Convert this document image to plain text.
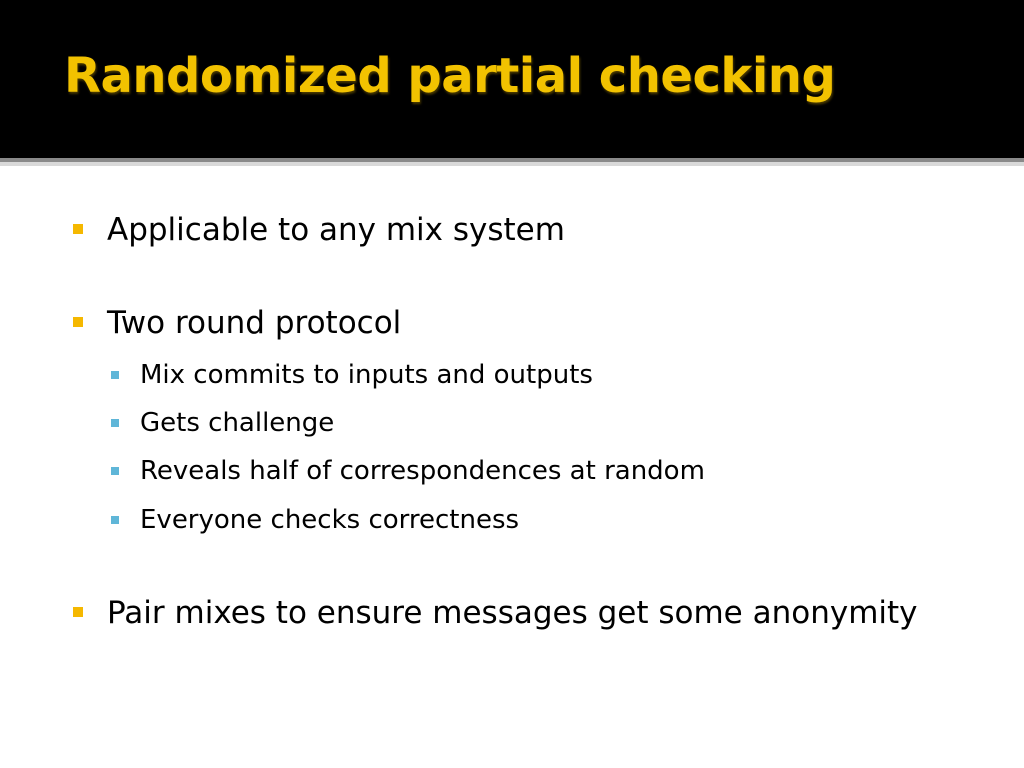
Randomized partial checking
Applicable to any mix system
Two round protocol
Mix commits to inputs and outputs
Gets challenge
Reveals half of correspondences at random
Everyone checks correctness
Pair mixes to ensure messages get some anonymity
